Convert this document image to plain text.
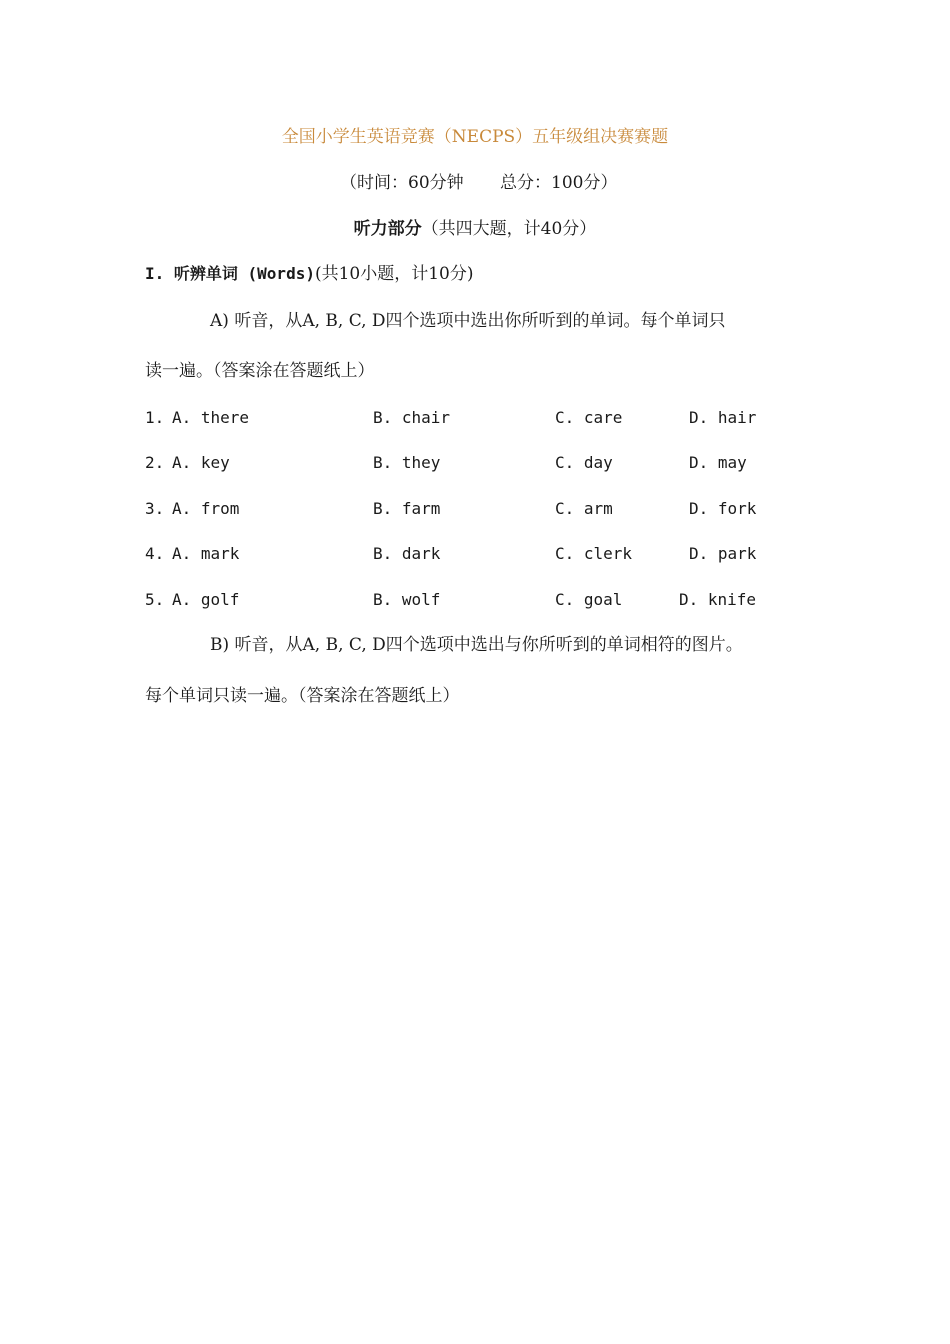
全国小学生英语竞赛（NECPS）五年级组决赛赛题
（时间：60分钟 总分：100分）
听力部分（共四大题，计40分）
I. 听辨单词 (Words)(共10小题，计10分)
A) 听音，从A, B, C, D四个选项中选出你所听到的单词。每个单词只
读一遍。（答案涂在答题纸上）
1. A. there	B. chair	C. care	D. hair
2. A. key	B. they	C. day	D. may
3. A. from	B. farm	C. arm	D. fork
4. A. mark	B. dark	C. clerk	D. park
5. A. golf	B. wolf	C. goal	D. knife
B) 听音，从A, B, C, D四个选项中选出与你所听到的单词相符的图片。
每个单词只读一遍。（答案涂在答题纸上）
